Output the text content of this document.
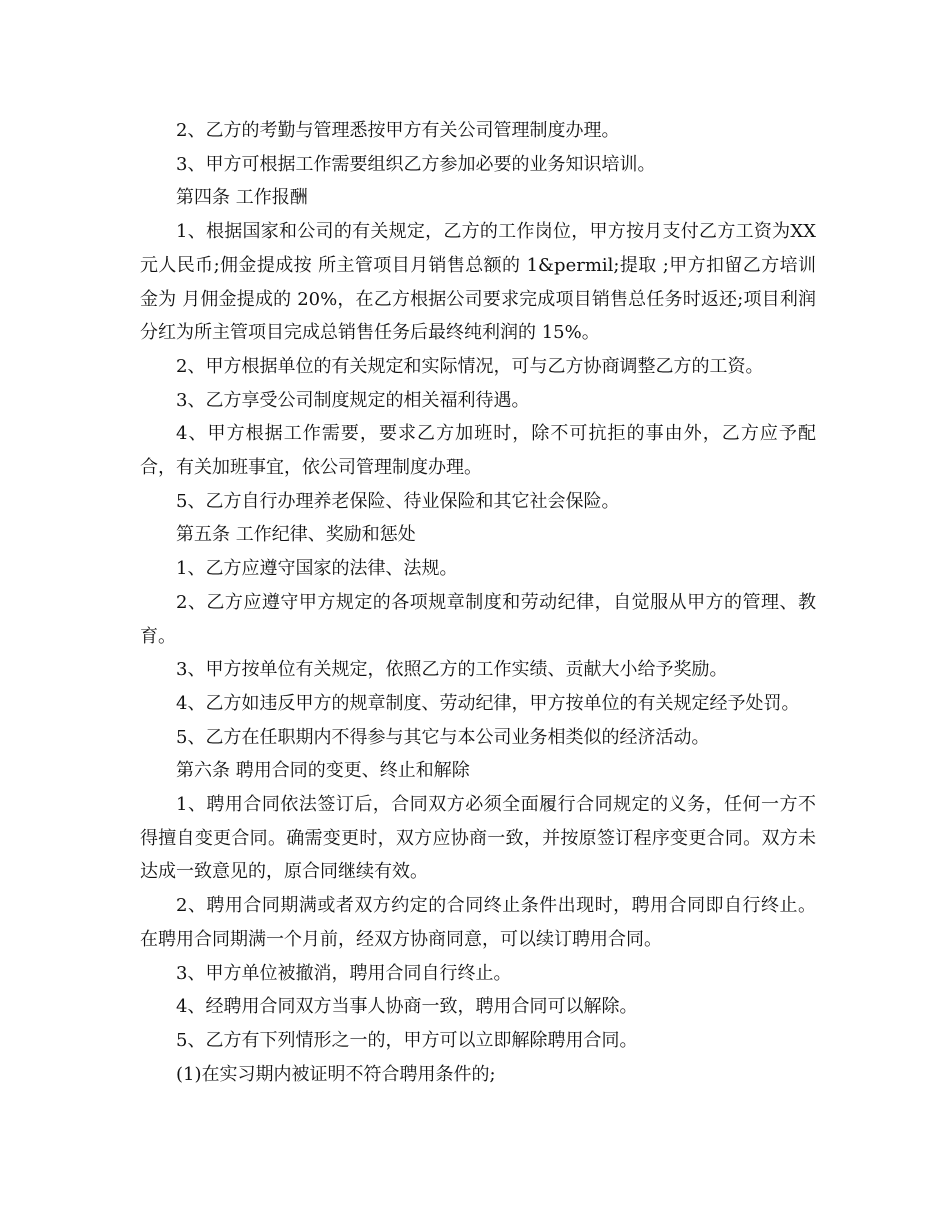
2、乙方的考勤与管理悉按甲方有关公司管理制度办理。

3、甲方可根据工作需要组织乙方参加必要的业务知识培训。

第四条 工作报酬

1、根据国家和公司的有关规定，乙方的工作岗位，甲方按月支付乙方工资为XX 元人民币;佣金提成按 所主管项目月销售总额的 1&permil;提取 ;甲方扣留乙方培训金为 月佣金提成的 20%，在乙方根据公司要求完成项目销售总任务时返还;项目利润分红为所主管项目完成总销售任务后最终纯利润的 15%。

2、甲方根据单位的有关规定和实际情况，可与乙方协商调整乙方的工资。

3、乙方享受公司制度规定的相关福利待遇。

4、甲方根据工作需要，要求乙方加班时，除不可抗拒的事由外，乙方应予配合，有关加班事宜，依公司管理制度办理。

5、乙方自行办理养老保险、待业保险和其它社会保险。

第五条 工作纪律、奖励和惩处

1、乙方应遵守国家的法律、法规。

2、乙方应遵守甲方规定的各项规章制度和劳动纪律，自觉服从甲方的管理、教育。

3、甲方按单位有关规定，依照乙方的工作实绩、贡献大小给予奖励。

4、乙方如违反甲方的规章制度、劳动纪律，甲方按单位的有关规定经予处罚。

5、乙方在任职期内不得参与其它与本公司业务相类似的经济活动。

第六条 聘用合同的变更、终止和解除

1、聘用合同依法签订后，合同双方必须全面履行合同规定的义务，任何一方不得擅自变更合同。确需变更时，双方应协商一致，并按原签订程序变更合同。双方未达成一致意见的，原合同继续有效。

2、聘用合同期满或者双方约定的合同终止条件出现时，聘用合同即自行终止。在聘用合同期满一个月前，经双方协商同意，可以续订聘用合同。

3、甲方单位被撤消，聘用合同自行终止。

4、经聘用合同双方当事人协商一致，聘用合同可以解除。

5、乙方有下列情形之一的，甲方可以立即解除聘用合同。

(1)在实习期内被证明不符合聘用条件的;
